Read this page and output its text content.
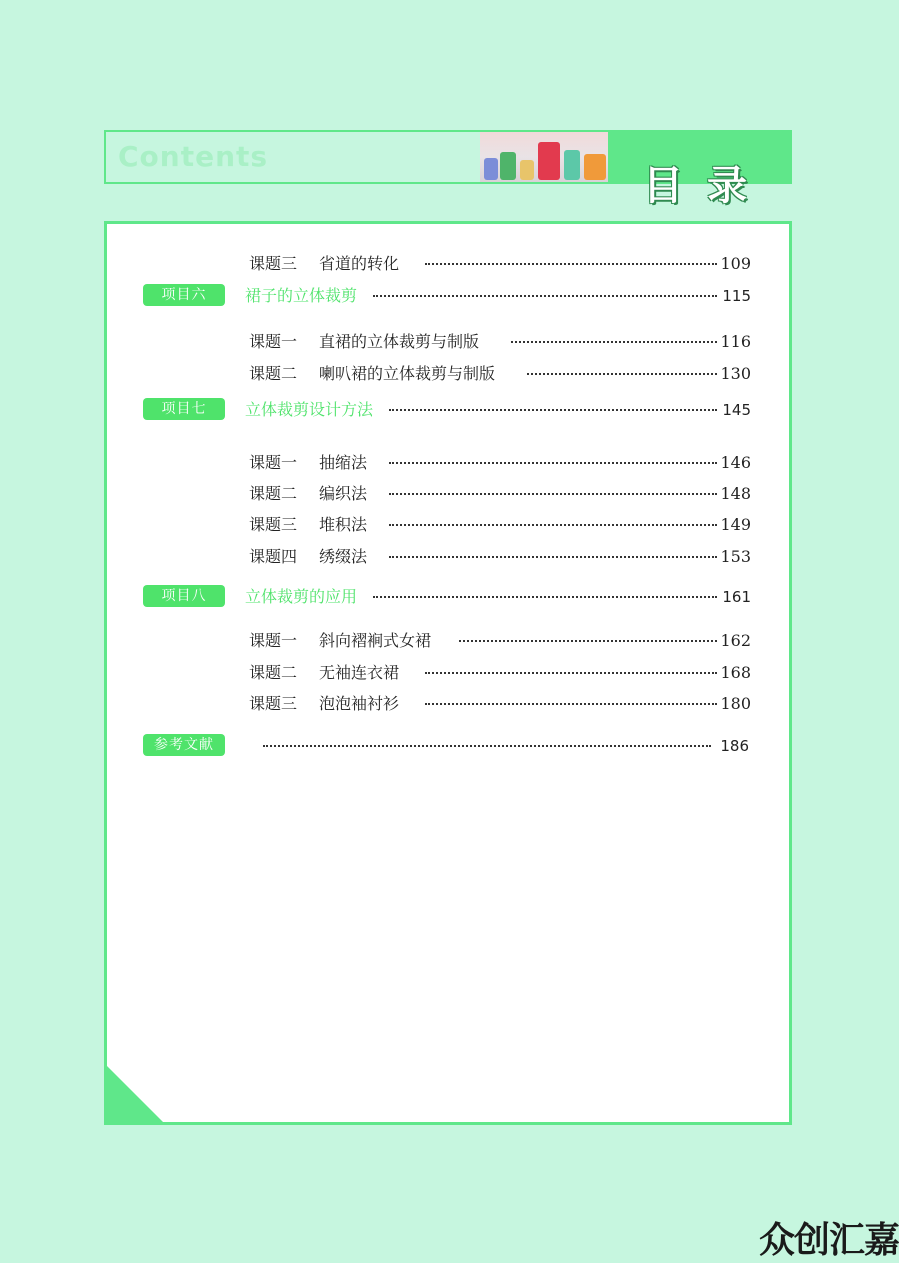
Contents
目录
课题三 省道的转化	109
项目六	裙子的立体裁剪	115
课题一 直裙的立体裁剪与制版	116
课题二 喇叭裙的立体裁剪与制版	130
项目七	立体裁剪设计方法	145
课题一 抽缩法	146
课题二 编织法	148
课题三 堆积法	149
课题四 绣缀法	153
项目八	立体裁剪的应用	161
课题一 斜向褶裥式女裙	162
课题二 无袖连衣裙	168
课题三 泡泡袖衬衫	180
参考文献	186
众创汇嘉
